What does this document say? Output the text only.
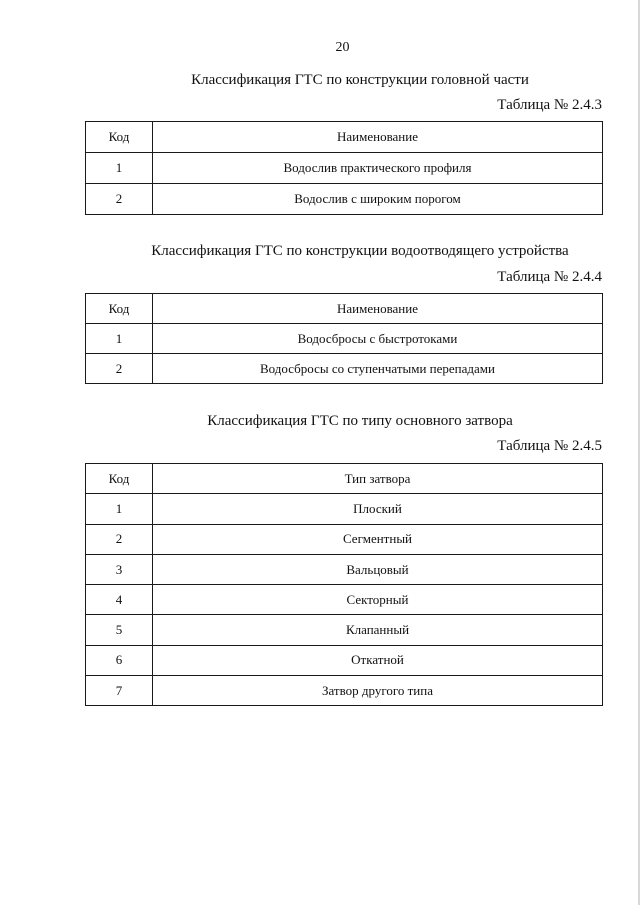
20
Классификация ГТС по конструкции головной части
Таблица № 2.4.3
Код	Наименование
1	Водослив практического профиля
2	Водослив с широким порогом
Классификация ГТС по конструкции водоотводящего устройства
Таблица № 2.4.4
Код	Наименование
1	Водосбросы с быстротоками
2	Водосбросы со ступенчатыми перепадами
Классификация ГТС по типу основного затвора
Таблица № 2.4.5
Код	Тип затвора
1	Плоский
2	Сегментный
3	Вальцовый
4	Секторный
5	Клапанный
6	Откатной
7	Затвор другого типа
